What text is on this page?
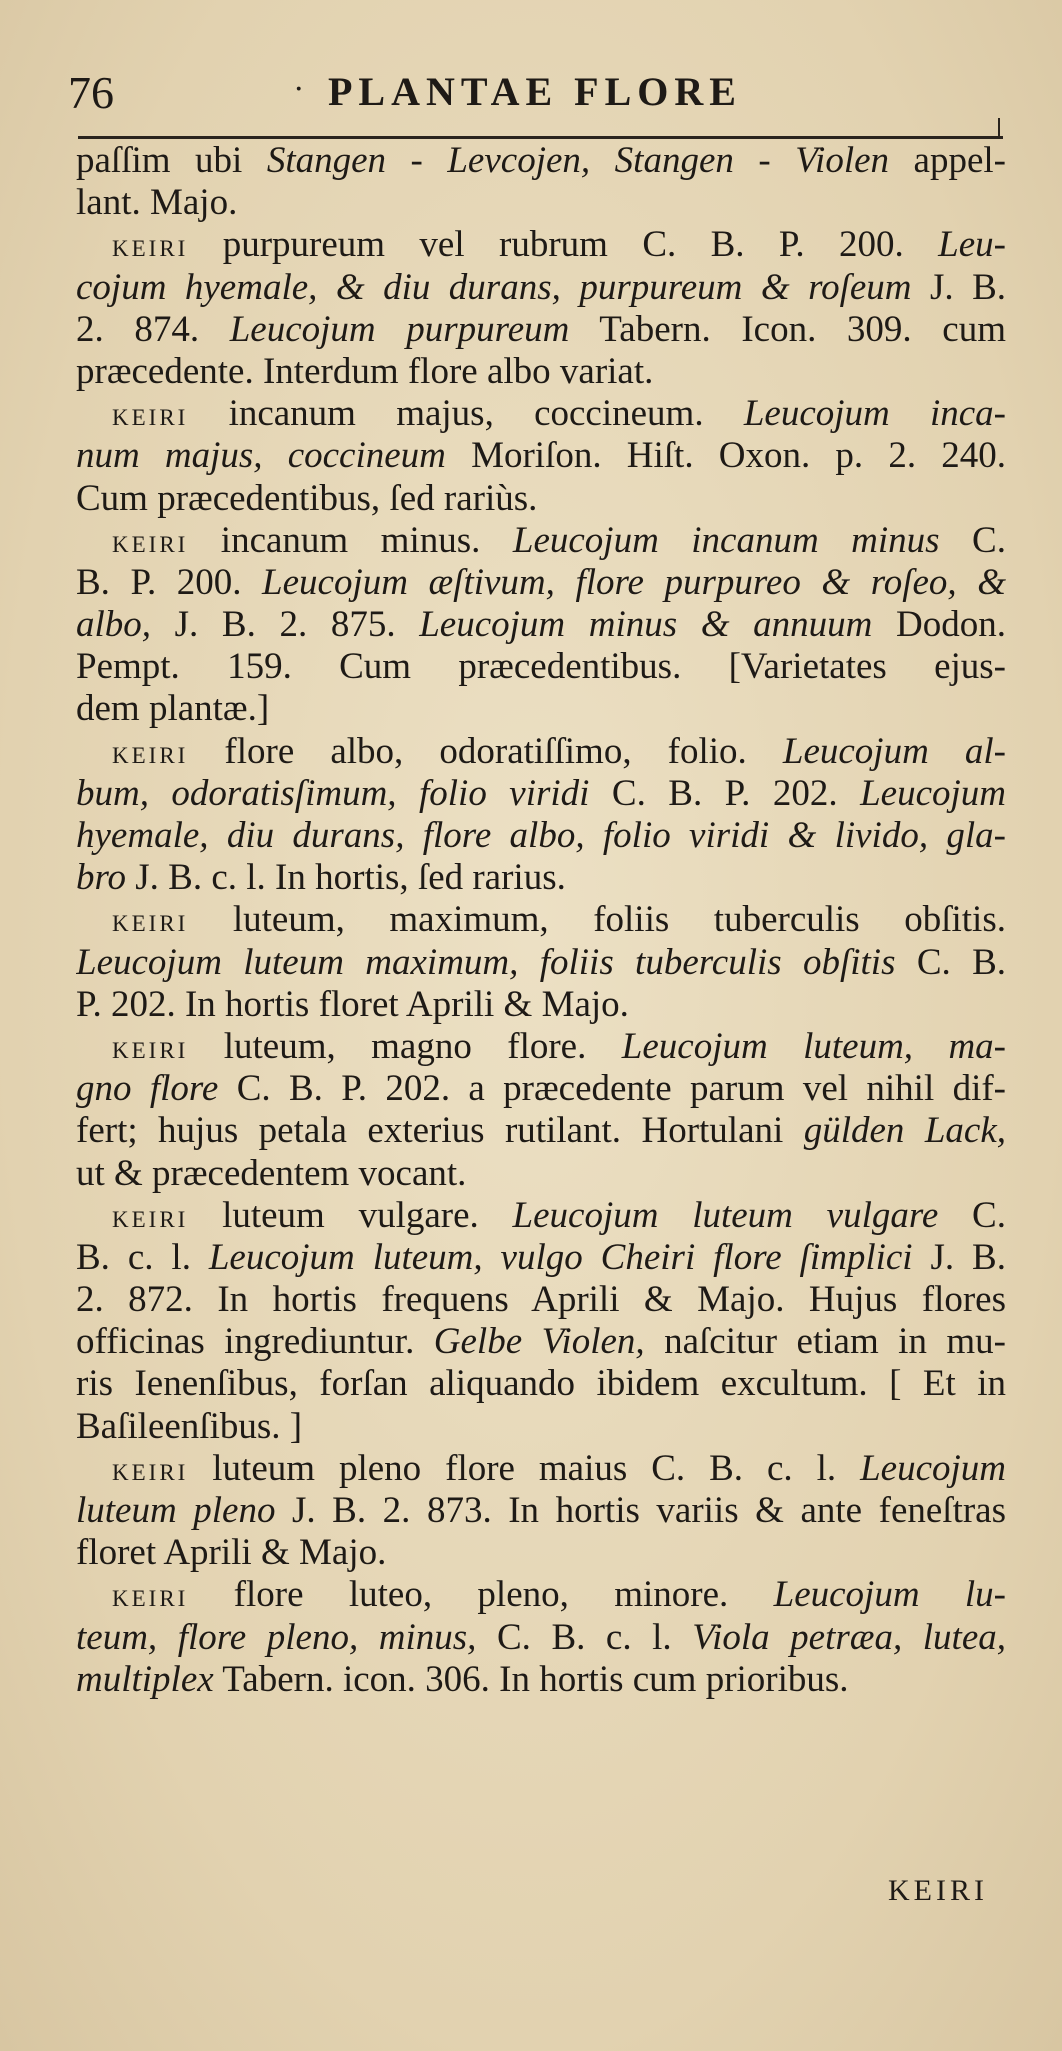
76	· PLANTAE FLORE
paſſim ubi Stangen - Levcojen, Stangen - Violen appel-
lant. Majo.
keiri purpureum vel rubrum C. B. P. 200. Leu-
cojum hyemale, & diu durans, purpureum & roſeum J. B.
2. 874. Leucojum purpureum Tabern. Icon. 309. cum
præcedente. Interdum flore albo variat.
keiri incanum majus, coccineum. Leucojum inca-
num majus, coccineum Moriſon. Hiſt. Oxon. p. 2. 240.
Cum præcedentibus, ſed rariùs.
keiri incanum minus. Leucojum incanum minus C.
B. P. 200. Leucojum æſtivum, flore purpureo & roſeo, &
albo, J. B. 2. 875. Leucojum minus & annuum Dodon.
Pempt. 159. Cum præcedentibus. [Varietates ejus-
dem plantæ.]
keiri flore albo, odoratiſſimo, folio. Leucojum al-
bum, odoratisſimum, folio viridi C. B. P. 202. Leucojum
hyemale, diu durans, flore albo, folio viridi & livido, gla-
bro J. B. c. l. In hortis, ſed rarius.
keiri luteum, maximum, foliis tuberculis obſitis.
Leucojum luteum maximum, foliis tuberculis obſitis C. B.
P. 202. In hortis floret Aprili & Majo.
keiri luteum, magno flore. Leucojum luteum, ma-
gno flore C. B. P. 202. a præcedente parum vel nihil dif-
fert; hujus petala exterius rutilant. Hortulani gülden Lack,
ut & præcedentem vocant.
keiri luteum vulgare. Leucojum luteum vulgare C.
B. c. l. Leucojum luteum, vulgo Cheiri flore ſimplici J. B.
2. 872. In hortis frequens Aprili & Majo. Hujus flores
officinas ingrediuntur. Gelbe Violen, naſcitur etiam in mu-
ris Ienenſibus, forſan aliquando ibidem excultum. [ Et in
Baſileenſibus. ]
keiri luteum pleno flore maius C. B. c. l. Leucojum
luteum pleno J. B. 2. 873. In hortis variis & ante feneſtras
floret Aprili & Majo.
keiri flore luteo, pleno, minore. Leucojum lu-
teum, flore pleno, minus, C. B. c. l. Viola petræa, lutea,
multiplex Tabern. icon. 306. In hortis cum prioribus.
KEIRI
